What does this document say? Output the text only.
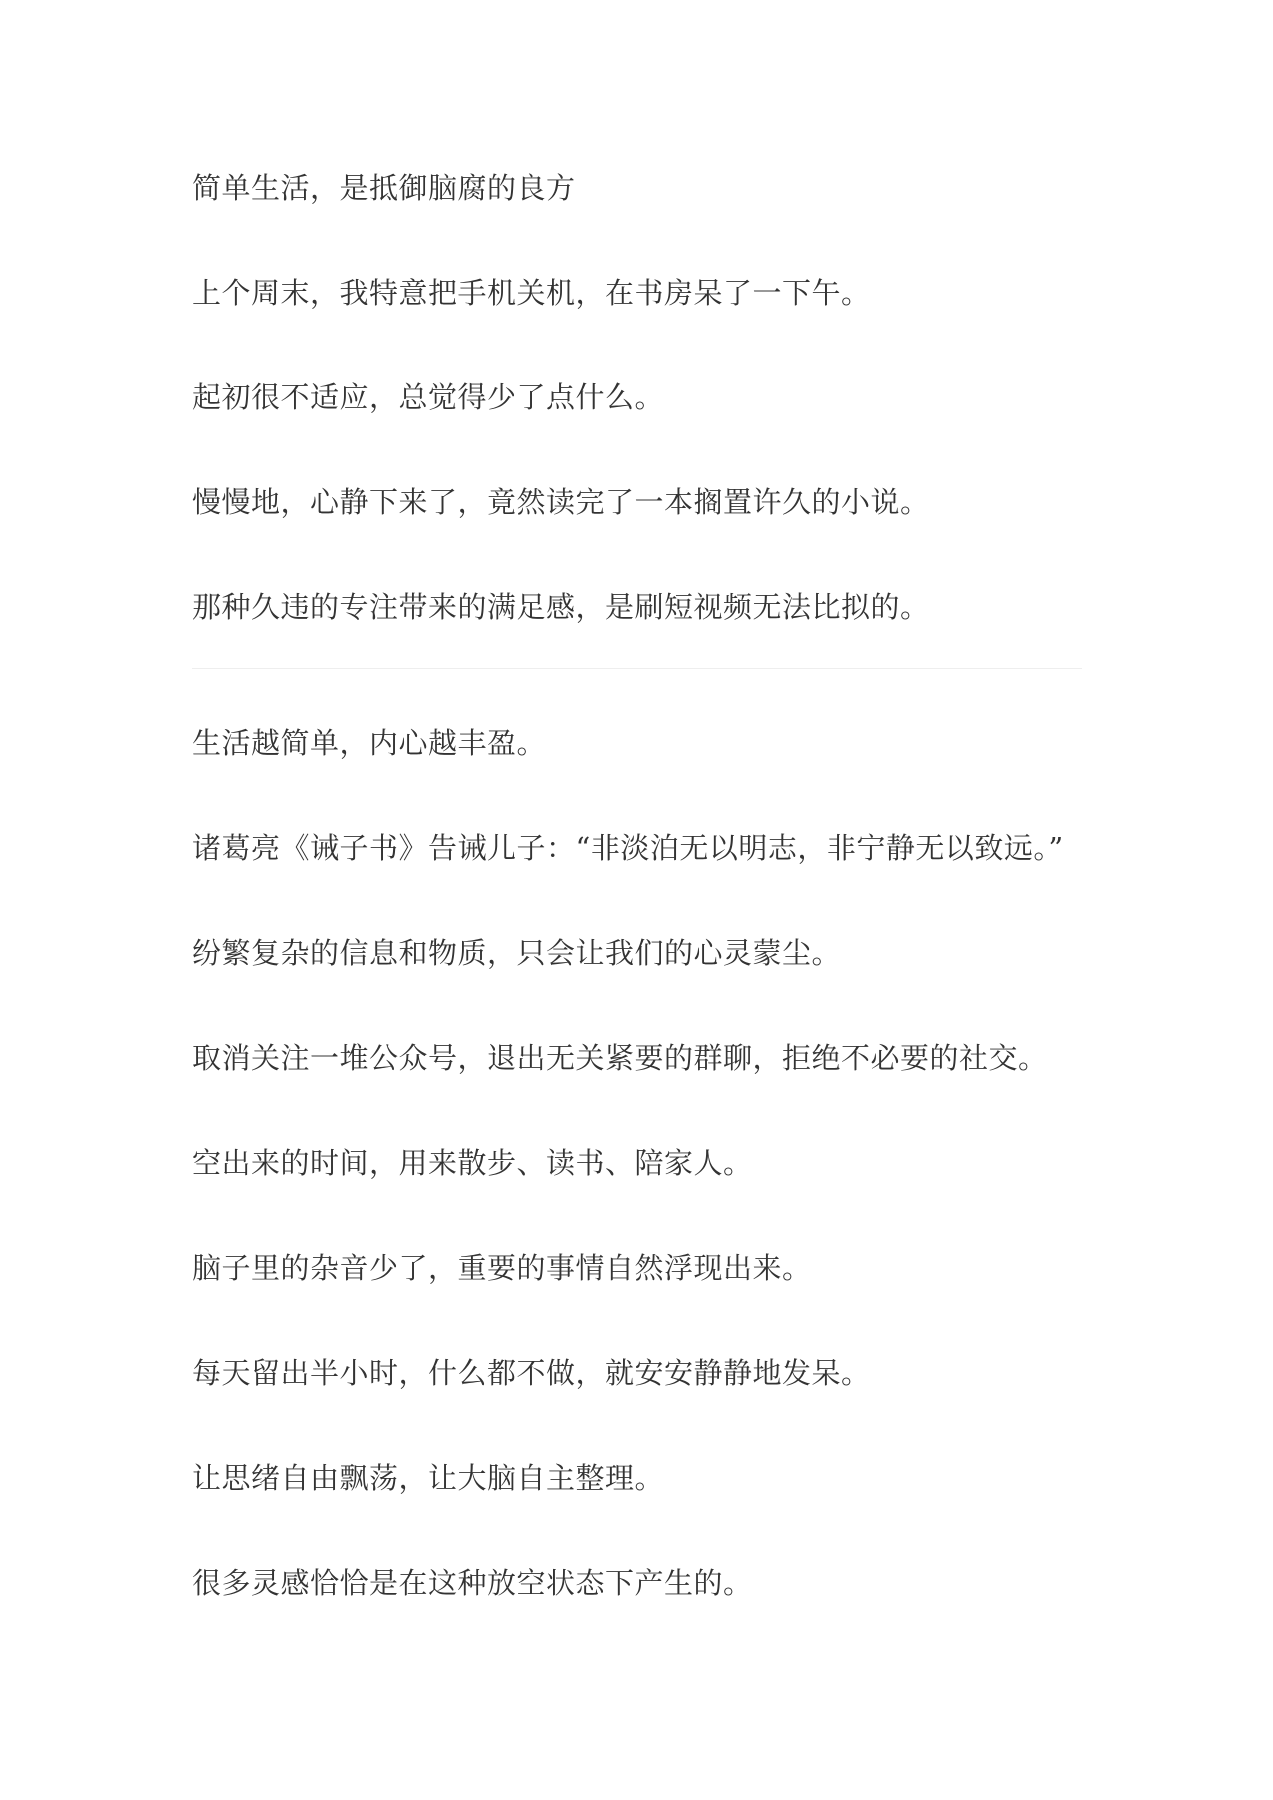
简单生活，是抵御脑腐的良方
上个周末，我特意把手机关机，在书房呆了一下午。
起初很不适应，总觉得少了点什么。
慢慢地，心静下来了，竟然读完了一本搁置许久的小说。
那种久违的专注带来的满足感，是刷短视频无法比拟的。
生活越简单，内心越丰盈。
诸葛亮《诫子书》告诫儿子：“非淡泊无以明志，非宁静无以致远。”
纷繁复杂的信息和物质，只会让我们的心灵蒙尘。
取消关注一堆公众号，退出无关紧要的群聊，拒绝不必要的社交。
空出来的时间，用来散步、读书、陪家人。
脑子里的杂音少了，重要的事情自然浮现出来。
每天留出半小时，什么都不做，就安安静静地发呆。
让思绪自由飘荡，让大脑自主整理。
很多灵感恰恰是在这种放空状态下产生的。
